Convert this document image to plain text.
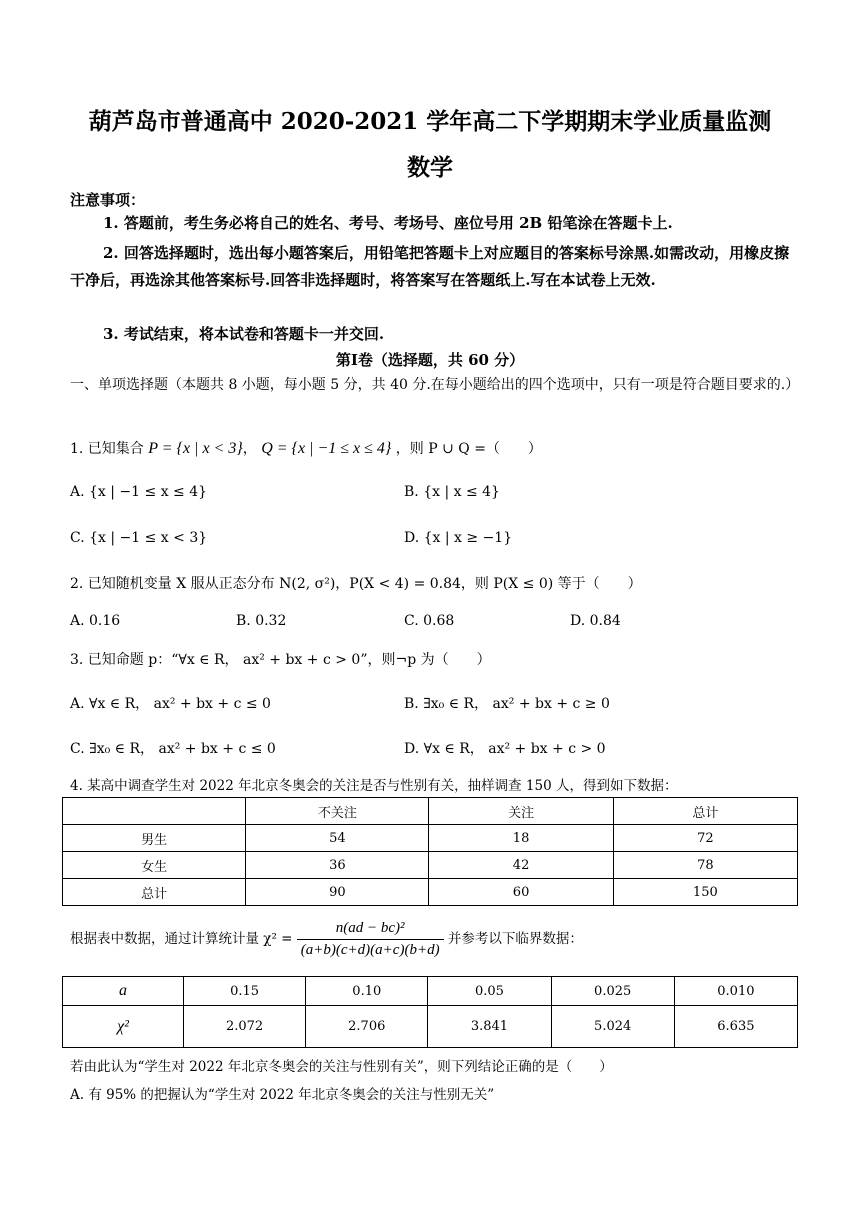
葫芦岛市普通高中 2020-2021 学年高二下学期期末学业质量监测
数学
注意事项：
1. 答题前，考生务必将自己的姓名、考号、考场号、座位号用 2B 铅笔涂在答题卡上.
2. 回答选择题时，选出每小题答案后，用铅笔把答题卡上对应题目的答案标号涂黑.如需改动，用橡皮擦干净后，再选涂其他答案标号.回答非选择题时，将答案写在答题纸上.写在本试卷上无效.
3. 考试结束，将本试卷和答题卡一并交回.
第Ⅰ卷（选择题，共 60 分）
一、单项选择题（本题共 8 小题，每小题 5 分，共 40 分.在每小题给出的四个选项中，只有一项是符合题目要求的.）
1. 已知集合 P = {x | x < 3}， Q = {x | −1 ≤ x ≤ 4} ，则 P ∪ Q =（　　）
A. {x | −1 ≤ x ≤ 4}	B. {x | x ≤ 4}
C. {x | −1 ≤ x < 3}	D. {x | x ≥ −1}
2. 已知随机变量 X 服从正态分布 N(2, σ²)，P(X < 4) = 0.84，则 P(X ≤ 0) 等于（　　）
A. 0.16	B. 0.32	C. 0.68	D. 0.84
3. 已知命题 p：“∀x ∈ R， ax² + bx + c > 0”，则¬p 为（　　）
A. ∀x ∈ R， ax² + bx + c ≤ 0	B. ∃x₀ ∈ R， ax² + bx + c ≥ 0
C. ∃x₀ ∈ R， ax² + bx + c ≤ 0	D. ∀x ∈ R， ax² + bx + c > 0
4. 某高中调查学生对 2022 年北京冬奥会的关注是否与性别有关，抽样调查 150 人，得到如下数据：
	不关注	关注	总计
男生	54	18	72
女生	36	42	78
总计	90	60	150
根据表中数据，通过计算统计量 $\chi^2 = \frac{\text{n(ad − bc)²}}{(a+b)(c+d)(a+c)(b+d)}$ 并参考以下临界数据：
a	0.15	0.10	0.05	0.025	0.010
χ²	2.072	2.706	3.841	5.024	6.635
若由此认为“学生对 2022 年北京冬奥会的关注与性别有关”，则下列结论正确的是（　　）
A. 有 95% 的把握认为“学生对 2022 年北京冬奥会的关注与性别无关”
